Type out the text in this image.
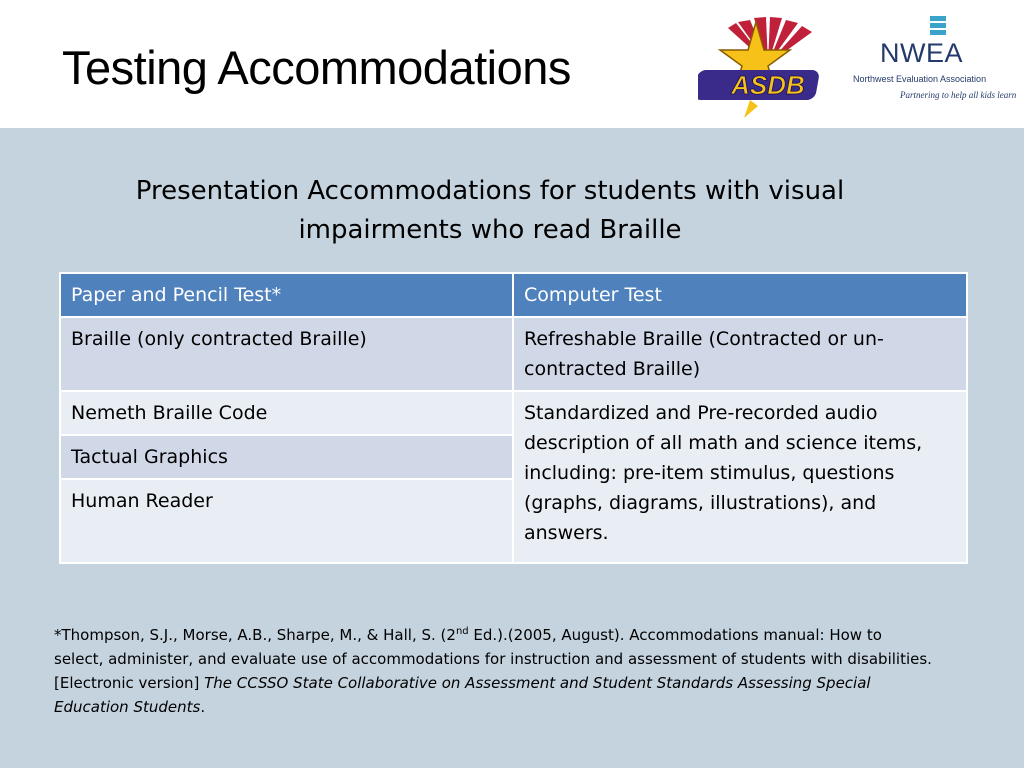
Testing Accommodations	ASDB
NWEA
Northwest Evaluation Association
Partnering to help all kids learn
Presentation Accommodations for students with visual impairments who read Braille
Paper and Pencil Test*	Computer Test
Braille (only contracted Braille)	Refreshable Braille (Contracted or un-contracted Braille)
Nemeth Braille Code	Standardized and Pre-recorded audio description of all math and science items, including: pre-item stimulus, questions (graphs, diagrams, illustrations), and answers.
Tactual Graphics	
Human Reader	
*Thompson, S.J., Morse, A.B., Sharpe, M., & Hall, S. (2nd Ed.).(2005, August). Accommodations manual: How to select, administer, and evaluate use of accommodations for instruction and assessment of students with disabilities. [Electronic version] The CCSSO State Collaborative on Assessment and Student Standards Assessing Special Education Students.
